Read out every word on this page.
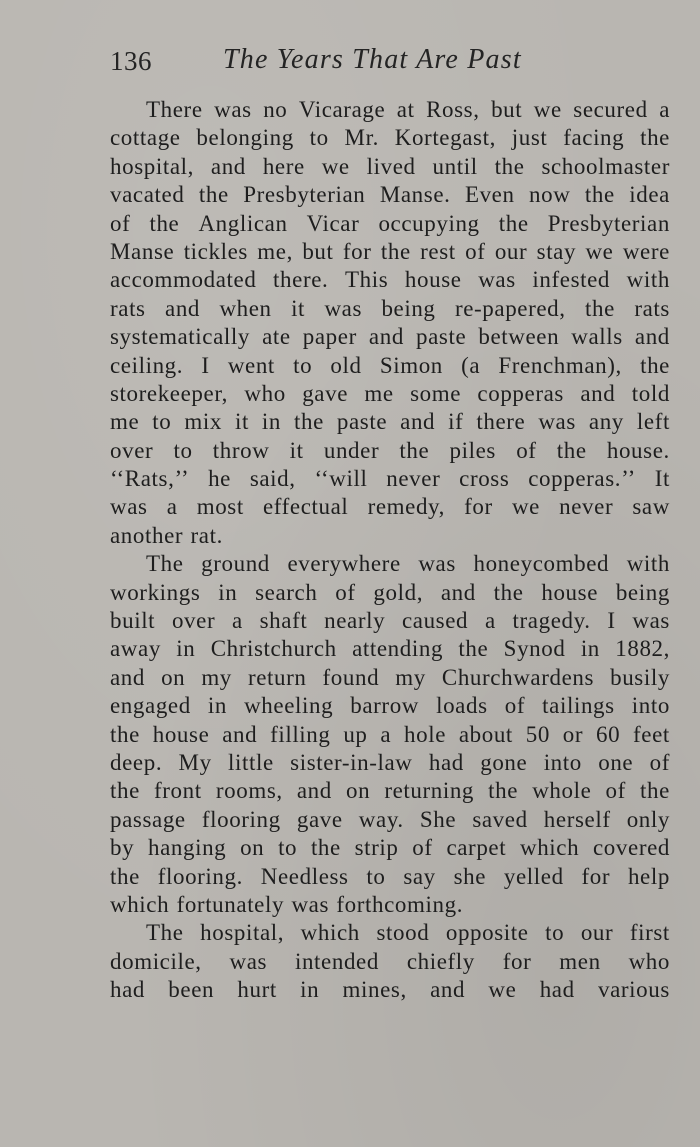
136	The Years That Are Past
There was no Vicarage at Ross, but we secured a
cottage belonging to Mr. Kortegast, just facing the
hospital, and here we lived until the schoolmaster
vacated the Presbyterian Manse. Even now the idea
of the Anglican Vicar occupying the Presbyterian
Manse tickles me, but for the rest of our stay we were
accommodated there. This house was infested with
rats and when it was being re-papered, the rats
systematically ate paper and paste between walls and
ceiling. I went to old Simon (a Frenchman), the
storekeeper, who gave me some copperas and told
me to mix it in the paste and if there was any left
over to throw it under the piles of the house.
‘‘Rats,’’ he said, ‘‘will never cross copperas.’’ It
was a most effectual remedy, for we never saw
another rat.
The ground everywhere was honeycombed with
workings in search of gold, and the house being
built over a shaft nearly caused a tragedy. I was
away in Christchurch attending the Synod in 1882,
and on my return found my Churchwardens busily
engaged in wheeling barrow loads of tailings into
the house and filling up a hole about 50 or 60 feet
deep. My little sister-in-law had gone into one of
the front rooms, and on returning the whole of the
passage flooring gave way. She saved herself only
by hanging on to the strip of carpet which covered
the flooring. Needless to say she yelled for help
which fortunately was forthcoming.
The hospital, which stood opposite to our first
domicile, was intended chiefly for men who
had been hurt in mines, and we had various
